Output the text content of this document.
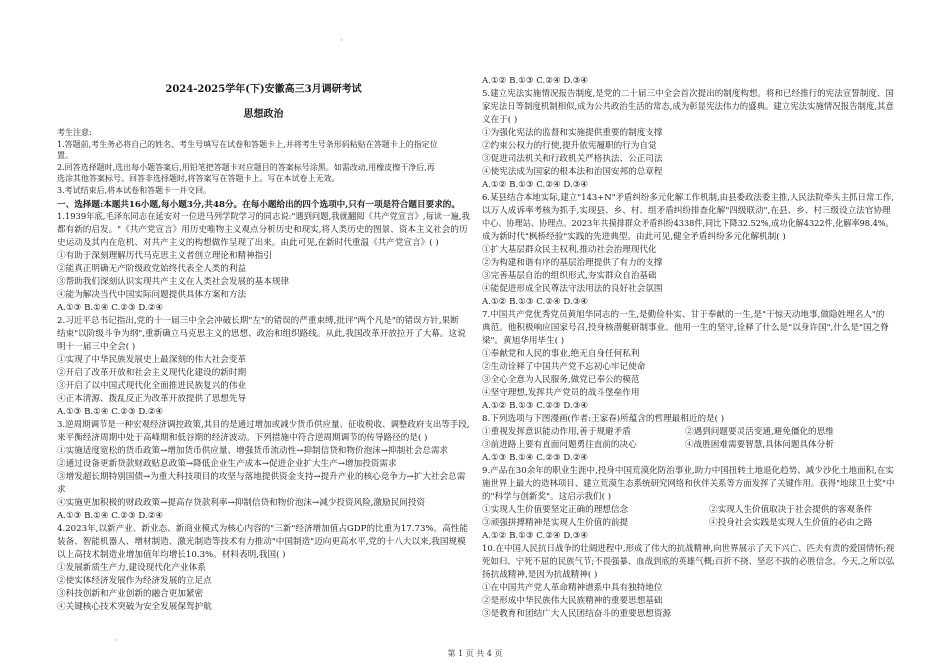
·
2024-2025学年(下)安徽高三3月调研考试
思想政治
考生注意:
1.答题前,考生务必将自己的姓名、考生号填写在试卷和答题卡上,并将考生号条形码粘贴在答题卡上的指定位
置。
2.回答选择题时,选出每小题答案后,用铅笔把答题卡对应题目的答案标号涂黑。如需改动,用橡皮擦干净后,再
选涂其他答案标号。回答非选择题时,将答案写在答题卡上。写在本试卷上无效。
3.考试结束后,将本试卷和答题卡一并交回。
一、选择题:本题共16小题,每小题3分,共48分。在每小题给出的四个选项中,只有一项是符合题目要求的。
1.1939年底,毛泽东同志在延安对一位进马列学院学习的同志说:"遇到问题,我就翻阅《共产党宣言》,每读一遍,我
都有新的启发。"《共产党宣言》用历史唯物主义观点分析历史和现实,将人类历史的图景、资本主义社会的历
史运动及其内在危机、对共产主义的构想做作呈现了出来。由此可见,在新时代重温《共产党宣言》( )
①有助于深刻理解历代马克思主义者创立理论和精神指引
②能真正明确无产阶级政党始终代表全人类的利益
③帮助我们深刻认识实现共产主义在人类社会发展的基本规律
④能为解决当代中国实际问题提供具体方案和方法
A.①③ B.①④ C.②③ D.②④
2.习近平总书记指出,党的十一届三中全会冲破长期"左"的错误的严重束缚,批评"两个凡是"的错误方针,果断
结束"以阶级斗争为纲",重新确立马克思主义的思想、政治和组织路线。从此,我国改革开放拉开了大幕。这说
明十一届三中全会( )
①实现了中华民族发展史上最深刻的伟大社会变革
②开启了改革开放和社会主义现代化建设的新时期
③开启了以中国式现代化全面推进民族复兴的伟业
④正本清源、拨乱反正为改革开放提供了思想先导
A.①③ B.①④ C.②③ D.②④
3.逆周期调节是一种宏观经济调控政策,其目的是通过增加或减少货币供应量、征收税收、调整政府支出等手段,
来平衡经济周期中处于高峰期和低谷期的经济波动。下列措施中符合逆周期调节的传导路径的是( )
①实施适度宽松的货币政策→增加货币供应量、增强货币流动性→抑制信贷和物价泡沫→抑制社会总需求
②通过设备更新贷款财政贴息政策→降低企业生产成本→促进企业扩大生产→增加投资需求
③增发超长期特别国债→为重大科技项目的攻坚与落地提供资金支持→提升产业的核心竞争力→扩大社会总需
求
④实施更加积极的财政政策→提高存贷款利率→抑制信贷和物价泡沫→减少投资风险,激励民间投资
A.①③ B.①④ C.②③ D.②④
4.2023年,以新产业、新业态、新商业模式为核心内容的"三新"经济增加值占GDP的比重为17.73%。高性能
装备、智能机器人、增材制造、激光制造等技术有力推动"中国制造"迈向更高水平,党的十八大以来,我国规模
以上高技术制造业增加值年均增长10.3%。材料表明,我国( )
①发展新质生产力,建设现代化产业体系
②使实体经济发展作为经济发展的立足点
③科技创新和产业创新的融合更加紧密
④关键核心技术突破为安全发展保驾护航
A.①② B.①③ C.②④ D.③④
5.建立宪法实施情况报告制度,是党的二十届三中全会首次提出的制度构想。将和已经推行的宪法宣誓制度、国
家宪法日等制度机制相似,成为公共政治生活的常态,成为彰显宪法伟力的盛典。建立宪法实施情况报告制度,其意
义在于( )
①为强化宪法的监督和实施提供重要的制度支撑
②约束公权力的行使,提升依宪履职的行为自觉
③促进司法机关和行政机关严格执法、公正司法
④使宪法成为国家的根本法和治国安邦的总章程
A.①② B.①③ C.②④ D.③④
6.某县结合本地实际,建立"143+N"矛盾纠纷多元化解工作机制,由县委政法委主推,人民法院牵头主抓日常工作,
以万人成诉率考核为抓手,实现县、乡、村、组矛盾纠纷排查化解"四级联动",在县、乡、村三级设立法官协理
中心、协理站、协理点。2023年共摸排群众矛盾纠纷4338件,同比下降32.52%,成功化解4322件,化解率98.4%。
成为新时代"枫桥经验"实践的先进典型。由此可见,健全矛盾纠纷多元化解机制( )
①扩大基层群众民主权利,推动社会治理现代化
②为构建和谐有序的基层治理提供了有力的支撑
③完善基层自治的组织形式,夯实群众自治基础
④能促进形成全民尊法守法用法的良好社会氛围
A.①② B.①③ C.②④ D.③④
7.中国共产党优秀党员黄旭华同志的一生,是勤俭朴实、甘于奉献的一生,是"干惊天动地事,做隐姓埋名人"的
典范。他积极响应国家号召,投身核潜艇研制事业。他用一生的坚守,诠释了什么是"以身许国",什么是"国之脊
梁"。黄旭华用毕生( )
①奉献党和人民的事业,绝无自身任何私利
②生动诠释了中国共产党不忘初心牢记使命
③全心全意为人民服务,做党已奉公的模范
④坚守理想,发挥共产党员的战斗堡垒作用
A.①② B.①③ C.②③ D.③④
8.下列选项与下图漫画(作者:王家春)所蕴含的哲理最相近的是( )
①重视发挥意识能动作用,善于规避矛盾	②遇到问题要灵活变通,避免僵化的思维
③前进路上要有直面问题勇往直前的决心	④战胜困难需要智慧,具体问题具体分析
A.①③ B.①④ C.②③ D.②④
9.产品在30余年的职业生涯中,投身中国荒漠化防治事业,助力中国扭转土地退化趋势、减少沙化土地面积,在实
施世界上最大的造林项目、建立荒漠生态系统研究网络和伙伴关系等方面发挥了关键作用。获得"地球卫士奖"中
的"科学与创新奖"。这启示我们( )
①实现人生价值要坚定正确的理想信念	②实现人生价值取决于社会提供的客观条件
③顽强拼搏精神是实现人生价值的前提	④投身社会实践是实现人生价值的必由之路
A.①② B.①③ C.②④ D.③④
10.在中国人民抗日战争的壮阔进程中,形成了伟大的抗战精神,向世界展示了天下兴亡、匹夫有责的爱国情怀;视
死如归、宁死不屈的民族气节;不畏强暴、血战到底的英雄气概;百折不挠、坚忍不拔的必胜信念。今天,之所以弘
扬抗战精神,是因为抗战精神( )
①在中国共产党人革命精神谱系中具有独特地位
②是形成中华民族伟大民族精神的重要思想基础
③是教育和团结广大人民团结奋斗的重要思想资源
第 1 页 共 4 页
·
